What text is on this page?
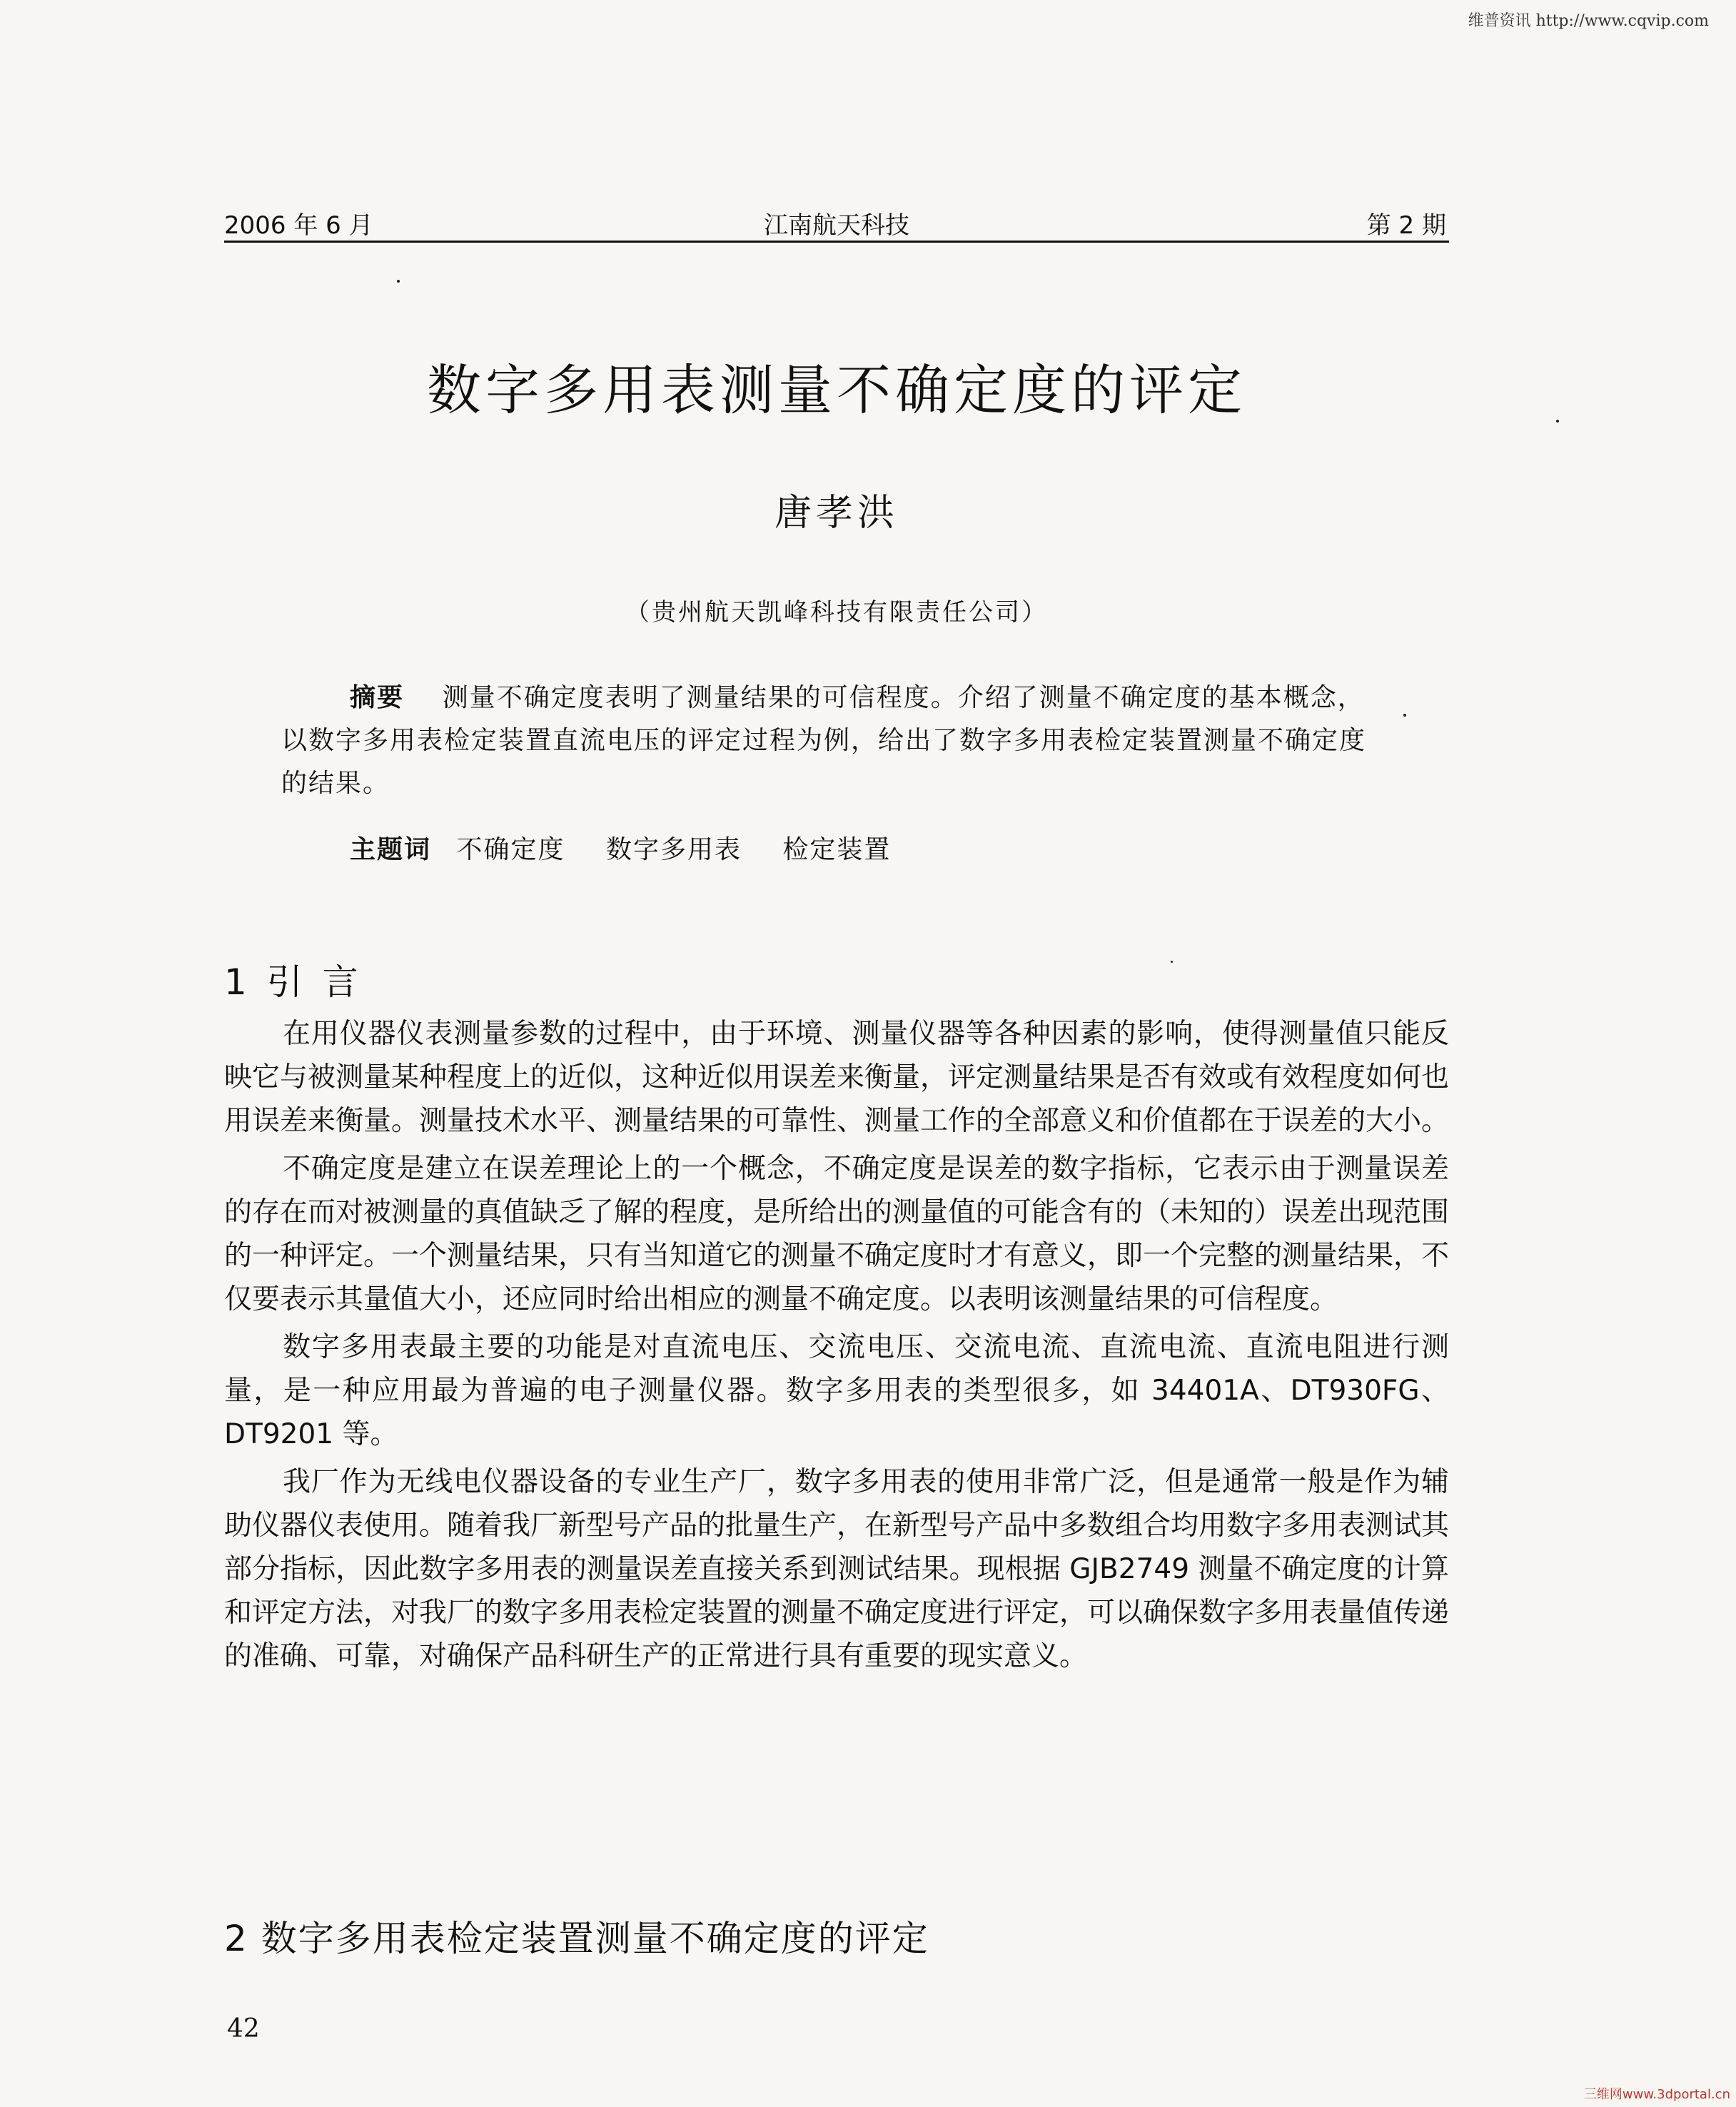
维普资讯 http://www.cqvip.com
2006 年 6 月	江南航天科技	第 2 期
数字多用表测量不确定度的评定
唐孝洪
（贵州航天凯峰科技有限责任公司）

摘要 测量不确定度表明了测量结果的可信程度。介绍了测量不确定度的基本概念，以数字多用表检定装置直流电压的评定过程为例，给出了数字多用表检定装置测量不确定度的结果。

主题词 不确定度 数字多用表 检定装置
1 引 言

在用仪器仪表测量参数的过程中，由于环境、测量仪器等各种因素的影响，使得测量值只能反映它与被测量某种程度上的近似，这种近似用误差来衡量，评定测量结果是否有效或有效程度如何也用误差来衡量。测量技术水平、测量结果的可靠性、测量工作的全部意义和价值都在于误差的大小。

不确定度是建立在误差理论上的一个概念，不确定度是误差的数字指标，它表示由于测量误差的存在而对被测量的真值缺乏了解的程度，是所给出的测量值的可能含有的（未知的）误差出现范围的一种评定。一个测量结果，只有当知道它的测量不确定度时才有意义，即一个完整的测量结果，不仅要表示其量值大小，还应同时给出相应的测量不确定度。以表明该测量结果的可信程度。

数字多用表最主要的功能是对直流电压、交流电压、交流电流、直流电流、直流电阻进行测量，是一种应用最为普遍的电子测量仪器。数字多用表的类型很多，如 34401A、DT930FG、DT9201 等。

我厂作为无线电仪器设备的专业生产厂，数字多用表的使用非常广泛，但是通常一般是作为辅助仪器仪表使用。随着我厂新型号产品的批量生产，在新型号产品中多数组合均用数字多用表测试其部分指标，因此数字多用表的测量误差直接关系到测试结果。现根据 GJB2749 测量不确定度的计算和评定方法，对我厂的数字多用表检定装置的测量不确定度进行评定，可以确保数字多用表量值传递的准确、可靠，对确保产品科研生产的正常进行具有重要的现实意义。

2 数字多用表检定装置测量不确定度的评定
42
三维网www.3dportal.cn
